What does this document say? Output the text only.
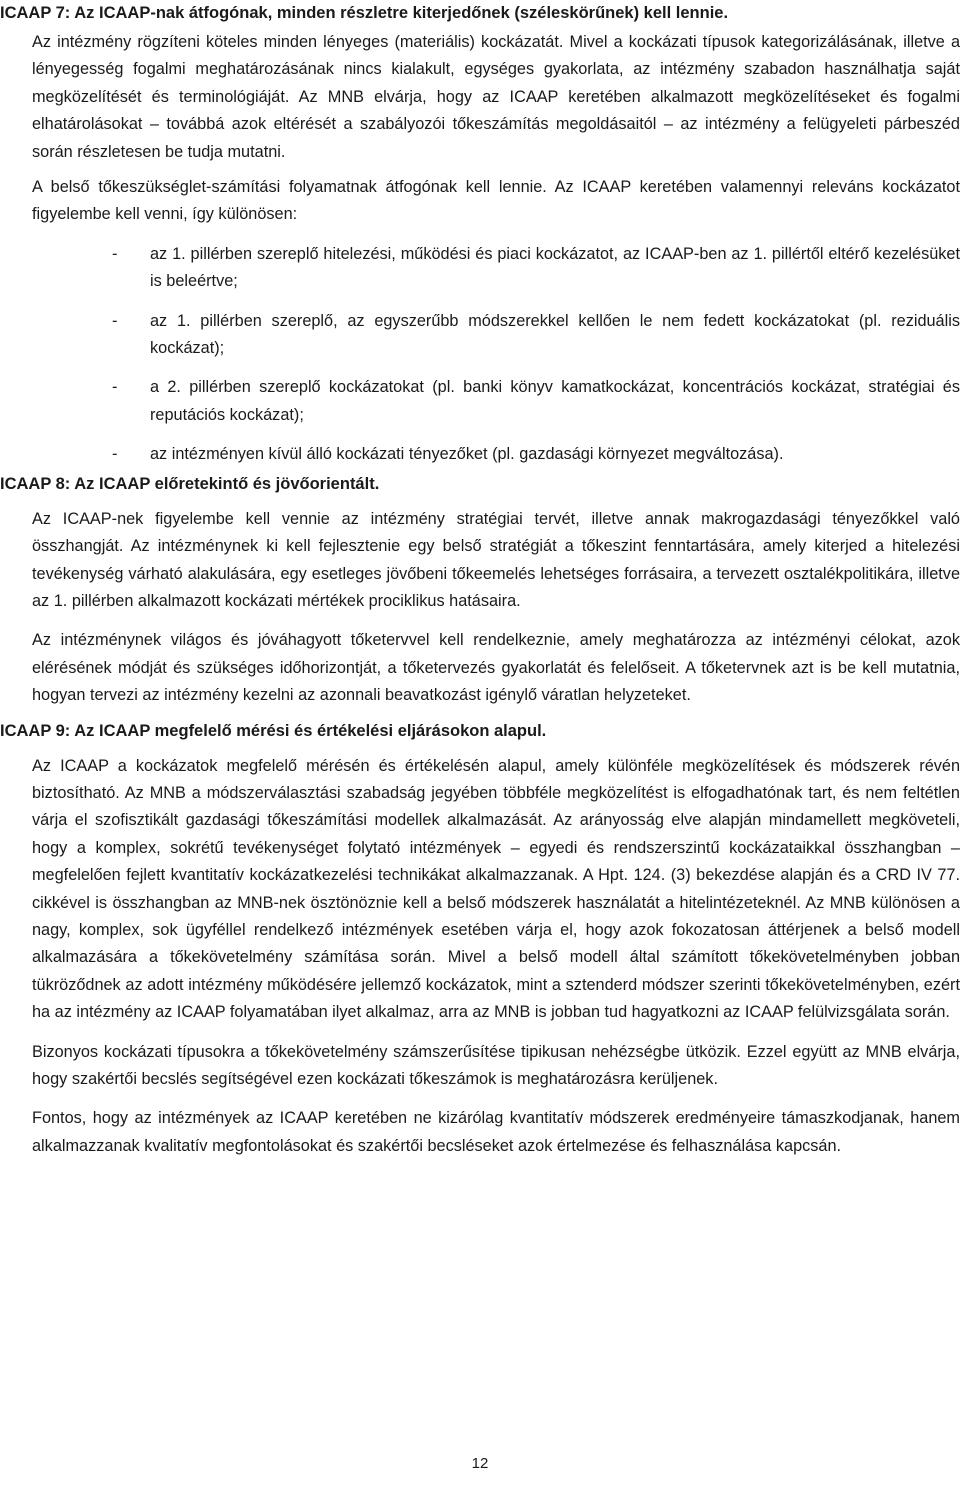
ICAAP 7: Az ICAAP-nak átfogónak, minden részletre kiterjedőnek (széleskörűnek) kell lennie.

Az intézmény rögzíteni köteles minden lényeges (materiális) kockázatát. Mivel a kockázati típusok kategorizálásának, illetve a lényegesség fogalmi meghatározásának nincs kialakult, egységes gyakorlata, az intézmény szabadon használhatja saját megközelítését és terminológiáját. Az MNB elvárja, hogy az ICAAP keretében alkalmazott megközelítéseket és fogalmi elhatárolásokat – továbbá azok eltérését a szabályozói tőkeszámítás megoldásaitól – az intézmény a felügyeleti párbeszéd során részletesen be tudja mutatni.

A belső tőkeszükséglet-számítási folyamatnak átfogónak kell lennie. Az ICAAP keretében valamennyi releváns kockázatot figyelembe kell venni, így különösen:

- az 1. pillérben szereplő hitelezési, működési és piaci kockázatot, az ICAAP-ben az 1. pillértől eltérő kezelésüket is beleértve;
- az 1. pillérben szereplő, az egyszerűbb módszerekkel kellően le nem fedett kockázatokat (pl. reziduális kockázat);
- a 2. pillérben szereplő kockázatokat (pl. banki könyv kamatkockázat, koncentrációs kockázat, stratégiai és reputációs kockázat);
- az intézményen kívül álló kockázati tényezőket (pl. gazdasági környezet megváltozása).
ICAAP 8: Az ICAAP előretekintő és jövőorientált.

Az ICAAP-nek figyelembe kell vennie az intézmény stratégiai tervét, illetve annak makrogazdasági tényezőkkel való összhangját. Az intézménynek ki kell fejlesztenie egy belső stratégiát a tőkeszint fenntartására, amely kiterjed a hitelezési tevékenység várható alakulására, egy esetleges jövőbeni tőkeemelés lehetséges forrásaira, a tervezett osztalékpolitikára, illetve az 1. pillérben alkalmazott kockázati mértékek prociklikus hatásaira.

Az intézménynek világos és jóváhagyott tőketervvel kell rendelkeznie, amely meghatározza az intézményi célokat, azok elérésének módját és szükséges időhorizontját, a tőketervezés gyakorlatát és felelőseit. A tőketervnek azt is be kell mutatnia, hogyan tervezi az intézmény kezelni az azonnali beavatkozást igénylő váratlan helyzeteket.

ICAAP 9: Az ICAAP megfelelő mérési és értékelési eljárásokon alapul.

Az ICAAP a kockázatok megfelelő mérésén és értékelésén alapul, amely különféle megközelítések és módszerek révén biztosítható. Az MNB a módszerválasztási szabadság jegyében többféle megközelítést is elfogadhatónak tart, és nem feltétlen várja el szofisztikált gazdasági tőkeszámítási modellek alkalmazását. Az arányosság elve alapján mindamellett megköveteli, hogy a komplex, sokrétű tevékenységet folytató intézmények – egyedi és rendszerszintű kockázataikkal összhangban – megfelelően fejlett kvantitatív kockázatkezelési technikákat alkalmazzanak. A Hpt. 124. (3) bekezdése alapján és a CRD IV 77. cikkével is összhangban az MNB-nek ösztönöznie kell a belső módszerek használatát a hitelintézeteknél. Az MNB különösen a nagy, komplex, sok ügyféllel rendelkező intézmények esetében várja el, hogy azok fokozatosan áttérjenek a belső modell alkalmazására a tőkekövetelmény számítása során. Mivel a belső modell által számított tőkekövetelményben jobban tükröződnek az adott intézmény működésére jellemző kockázatok, mint a sztenderd módszer szerinti tőkekövetelményben, ezért ha az intézmény az ICAAP folyamatában ilyet alkalmaz, arra az MNB is jobban tud hagyatkozni az ICAAP felülvizsgálata során.

Bizonyos kockázati típusokra a tőkekövetelmény számszerűsítése tipikusan nehézségbe ütközik. Ezzel együtt az MNB elvárja, hogy szakértői becslés segítségével ezen kockázati tőkeszámok is meghatározásra kerüljenek.

Fontos, hogy az intézmények az ICAAP keretében ne kizárólag kvantitatív módszerek eredményeire támaszkodjanak, hanem alkalmazzanak kvalitatív megfontolásokat és szakértői becsléseket azok értelmezése és felhasználása kapcsán.

12
